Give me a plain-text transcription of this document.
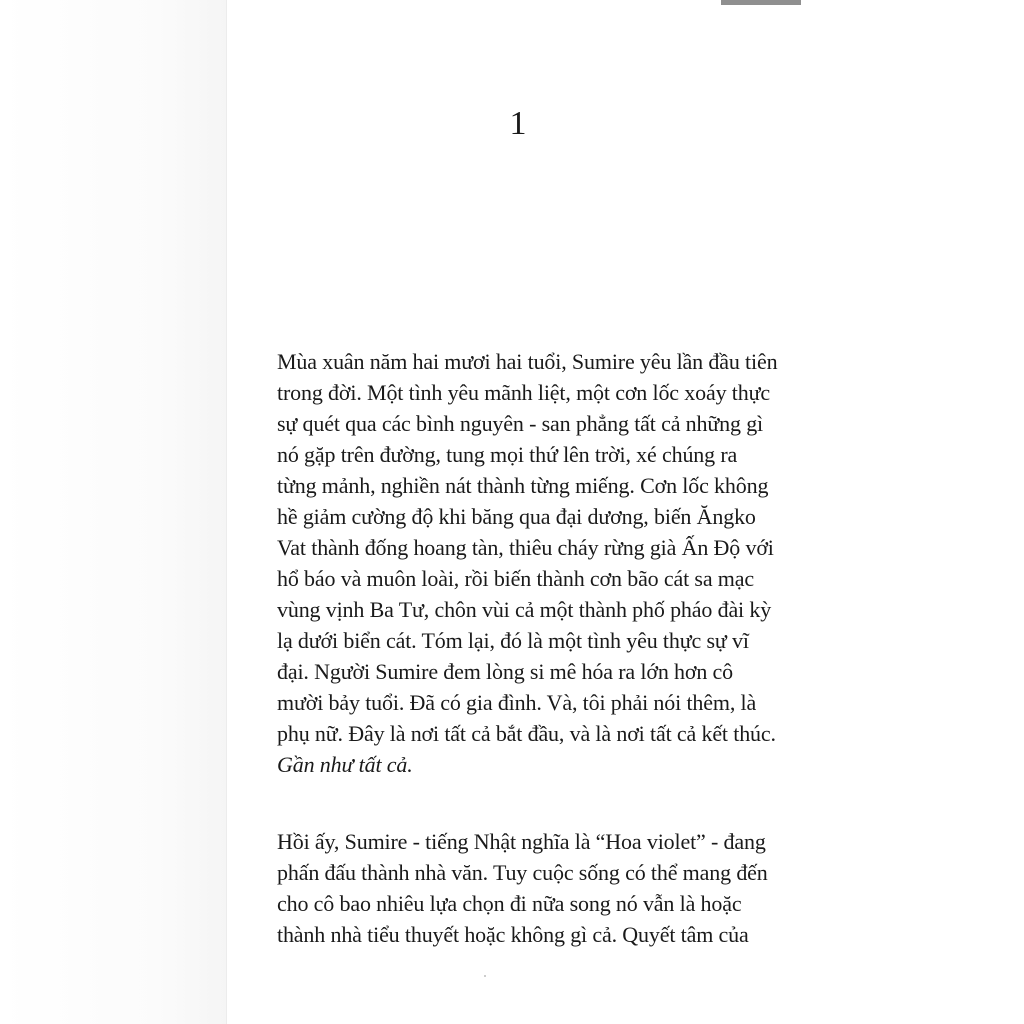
1
Mùa xuân năm hai mươi hai tuổi, Sumire yêu lần đầu tiên
trong đời. Một tình yêu mãnh liệt, một cơn lốc xoáy thực
sự quét qua các bình nguyên - san phẳng tất cả những gì
nó gặp trên đường, tung mọi thứ lên trời, xé chúng ra
từng mảnh, nghiền nát thành từng miếng. Cơn lốc không
hề giảm cường độ khi băng qua đại dương, biến Ăngko
Vat thành đống hoang tàn, thiêu cháy rừng già Ấn Độ với
hổ báo và muôn loài, rồi biến thành cơn bão cát sa mạc
vùng vịnh Ba Tư, chôn vùi cả một thành phố pháo đài kỳ
lạ dưới biển cát. Tóm lại, đó là một tình yêu thực sự vĩ
đại. Người Sumire đem lòng si mê hóa ra lớn hơn cô
mười bảy tuổi. Đã có gia đình. Và, tôi phải nói thêm, là
phụ nữ. Đây là nơi tất cả bắt đầu, và là nơi tất cả kết thúc.
Gần như tất cả.
Hồi ấy, Sumire - tiếng Nhật nghĩa là “Hoa violet” - đang
phấn đấu thành nhà văn. Tuy cuộc sống có thể mang đến
cho cô bao nhiêu lựa chọn đi nữa song nó vẫn là hoặc
thành nhà tiểu thuyết hoặc không gì cả. Quyết tâm của
